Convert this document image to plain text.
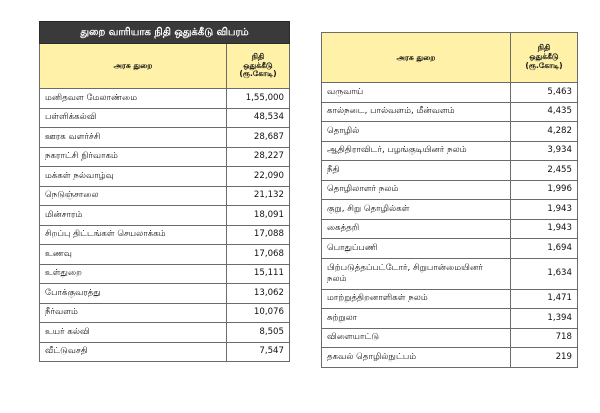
துறை வாரியாக நிதி ஒதுக்கீடு விபரம்	
அரசு துறை	நிதி
ஒதுக்கீடு
(ரூ.கோடி)
மனிதவள மேலாண்மை	1,55,000
பள்ளிக்கல்வி	48,534
ஊரக வளர்ச்சி	28,687
நகராட்சி நிர்வாகம்	28,227
மக்கள் நல்வாழ்வு	22,090
நெடுஞ்சாலை	21,132
மின்சாரம்	18,091
சிறப்பு திட்டங்கள் செயலாக்கம்	17,088
உணவு	17,068
உள்துறை	15,111
போக்குவரத்து	13,062
நீர்வளம்	10,076
உயர் கல்வி	8,505
வீட்டுவசதி	7,547
அரசு துறை	நிதி
ஒதுக்கீடு
(ரூ.கோடி)
வருவாய்	5,463
கால்நடை, பால்வளம், மீன்வளம்	4,435
தொழில்	4,282
ஆதிதிராவிடர், பழங்குடியினர் நலம்	3,934
நீதி	2,455
தொழிலாளர் நலம்	1,996
குறு, சிறு தொழில்கள்	1,943
கைத்தறி	1,943
பொதுப்பணி	1,694
பிற்படுத்தப்பட்டோர், சிறுபான்மையினர் நலம்	1,634
மாற்றுத்திறனாளிகள் நலம்	1,471
சுற்றுலா	1,394
விளையாட்டு	718
தகவல் தொழில்நுட்பம்	219
